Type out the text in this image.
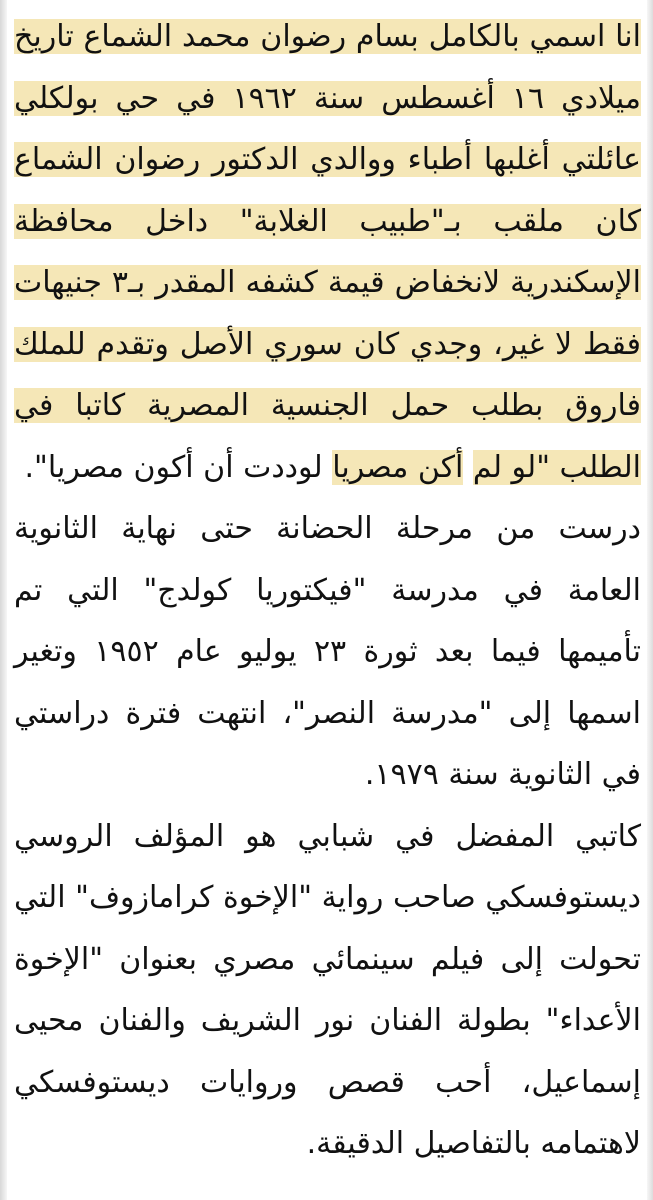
انا اسمي بالكامل بسام رضوان محمد الشماع تاريخ ميلادي ١٦ أغسطس سنة ١٩٦٢ في حي بولكلي عائلتي أغلبها أطباء ووالدي الدكتور رضوان الشماع كان ملقب بـ"طبيب الغلابة" داخل محافظة الإسكندرية لانخفاض قيمة كشفه المقدر بـ٣ جنيهات فقط لا غير، وجدي كان سوري الأصل وتقدم للملك فاروق بطلب حمل الجنسية المصرية كاتبا في الطلب "لو لم أكن مصريا لوددت أن أكون مصريا".

درست من مرحلة الحضانة حتى نهاية الثانوية العامة في مدرسة "فيكتوريا كولدج" التي تم تأميمها فيما بعد ثورة ٢٣ يوليو عام ١٩٥٢ وتغير اسمها إلى "مدرسة النصر"، انتهت فترة دراستي في الثانوية سنة ١٩٧٩.

كاتبي المفضل في شبابي هو المؤلف الروسي ديستوفسكي صاحب رواية "الإخوة كرامازوف" التي تحولت إلى فيلم سينمائي مصري بعنوان "الإخوة الأعداء" بطولة الفنان نور الشريف والفنان محيى إسماعيل، أحب قصص وروايات ديستوفسكي لاهتمامه بالتفاصيل الدقيقة.
